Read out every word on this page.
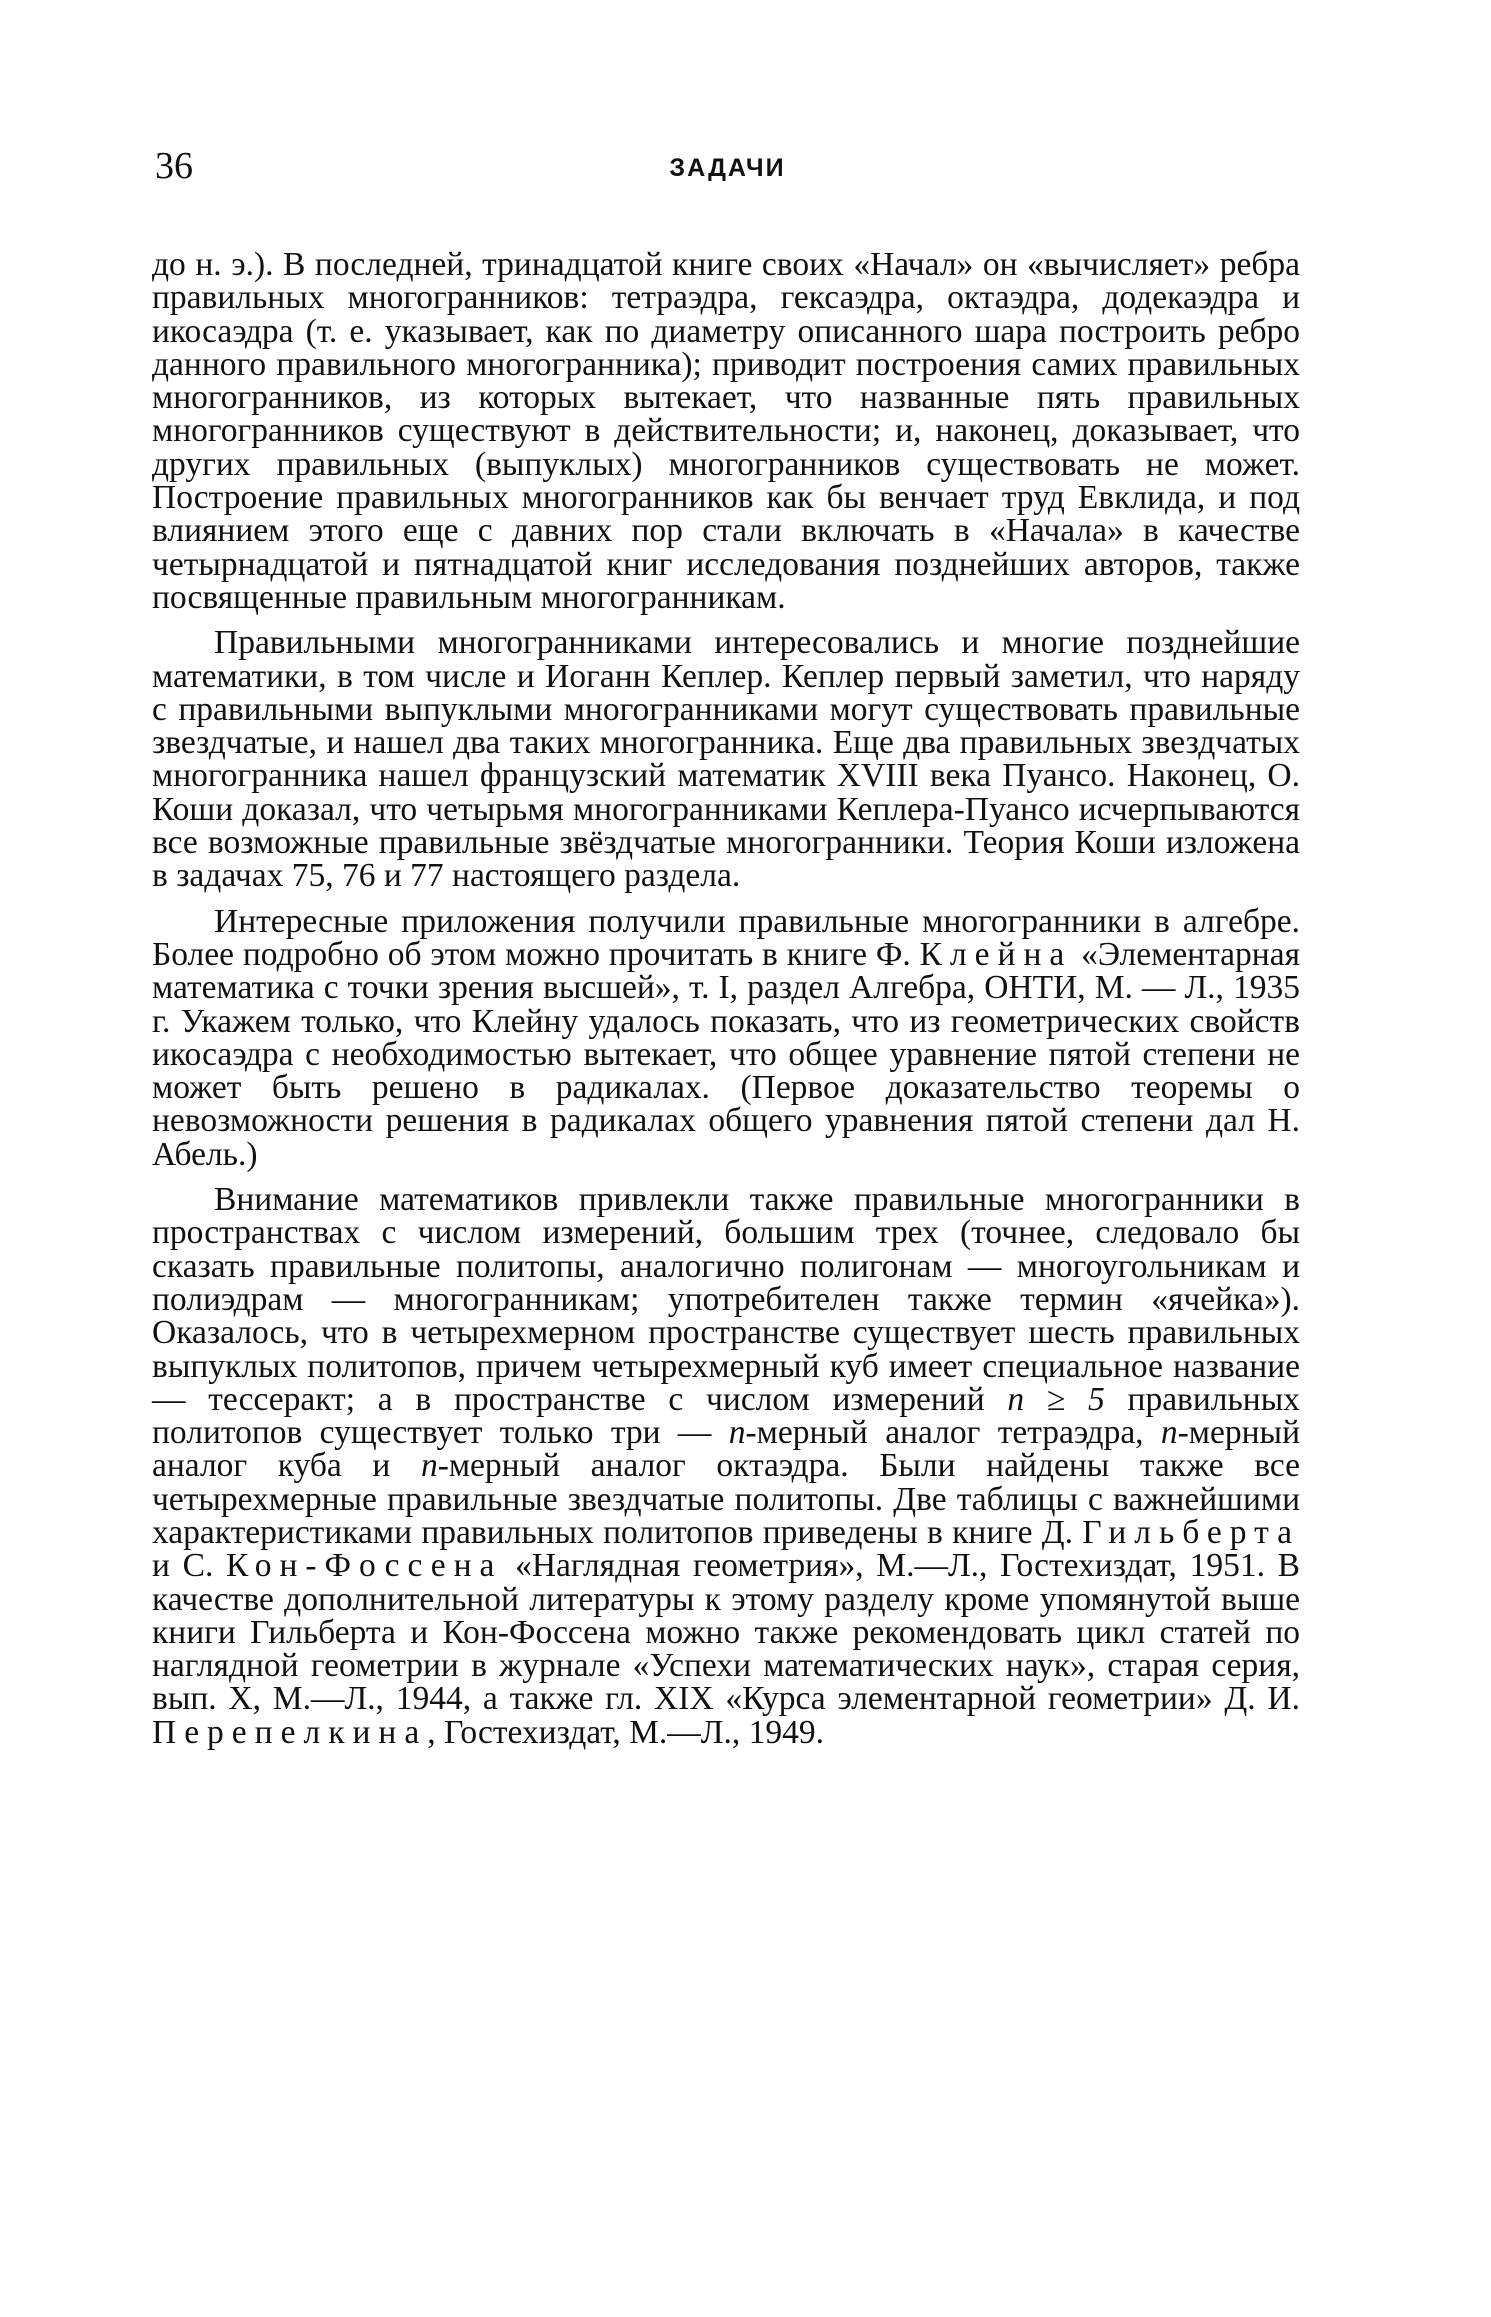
36	ЗАДАЧИ

до н. э.). В последней, тринадцатой книге своих «Начал» он «вычисляет» ребра правильных многогранников: тетраэдра, гексаэдра, октаэдра, додекаэдра и икосаэдра (т. е. указывает, как по диаметру описанного шара построить ребро данного правильного многогранника); приводит построения самих правильных многогранников, из которых вытекает, что названные пять правильных многогранников существуют в действительности; и, наконец, доказывает, что других правильных (выпуклых) многогранников существовать не может. Построение правильных многогранников как бы венчает труд Евклида, и под влиянием этого еще с давних пор стали включать в «Начала» в качестве четырнадцатой и пятнадцатой книг исследования позднейших авторов, также посвященные правильным многогранникам.

Правильными многогранниками интересовались и многие позднейшие математики, в том числе и Иоганн Кеплер. Кеплер первый заметил, что наряду с правильными выпуклыми многогранниками могут существовать правильные звездчатые, и нашел два таких многогранника. Еще два правильных звездчатых многогранника нашел французский математик XVIII века Пуансо. Наконец, О. Коши доказал, что четырьмя многогранниками Кеплера-Пуансо исчерпываются все возможные правильные звёздчатые многогранники. Теория Коши изложена в задачах 75, 76 и 77 настоящего раздела.

Интересные приложения получили правильные многогранники в алгебре. Более подробно об этом можно прочитать в книге Ф. Клейна «Элементарная математика с точки зрения высшей», т. I, раздел Алгебра, ОНТИ, М. — Л., 1935 г. Укажем только, что Клейну удалось показать, что из геометрических свойств икосаэдра с необходимостью вытекает, что общее уравнение пятой степени не может быть решено в радикалах. (Первое доказательство теоремы о невозможности решения в радикалах общего уравнения пятой степени дал Н. Абель.)

Внимание математиков привлекли также правильные многогранники в пространствах с числом измерений, большим трех (точнее, следовало бы сказать правильные политопы, аналогично полигонам — многоугольникам и полиэдрам — многогранникам; употребителен также термин «ячейка»). Оказалось, что в четырехмерном пространстве существует шесть правильных выпуклых политопов, причем четырехмерный куб имеет специальное название — тессеракт; а в пространстве с числом измерений n ≥ 5 правильных политопов существует только три — n-мерный аналог тетраэдра, n-мерный аналог куба и n-мерный аналог октаэдра. Были найдены также все четырехмерные правильные звездчатые политопы. Две таблицы с важнейшими характеристиками правильных политопов приведены в книге Д. Гильберта и С. Кон-Фоссена «Наглядная геометрия», М.—Л., Гостехиздат, 1951. В качестве дополнительной литературы к этому разделу кроме упомянутой выше книги Гильберта и Кон-Фоссена можно также рекомендовать цикл статей по наглядной геометрии в журнале «Успехи математических наук», старая серия, вып. X, М.—Л., 1944, а также гл. XIX «Курса элементарной геометрии» Д. И. Перепелкина, Гостехиздат, М.—Л., 1949.
